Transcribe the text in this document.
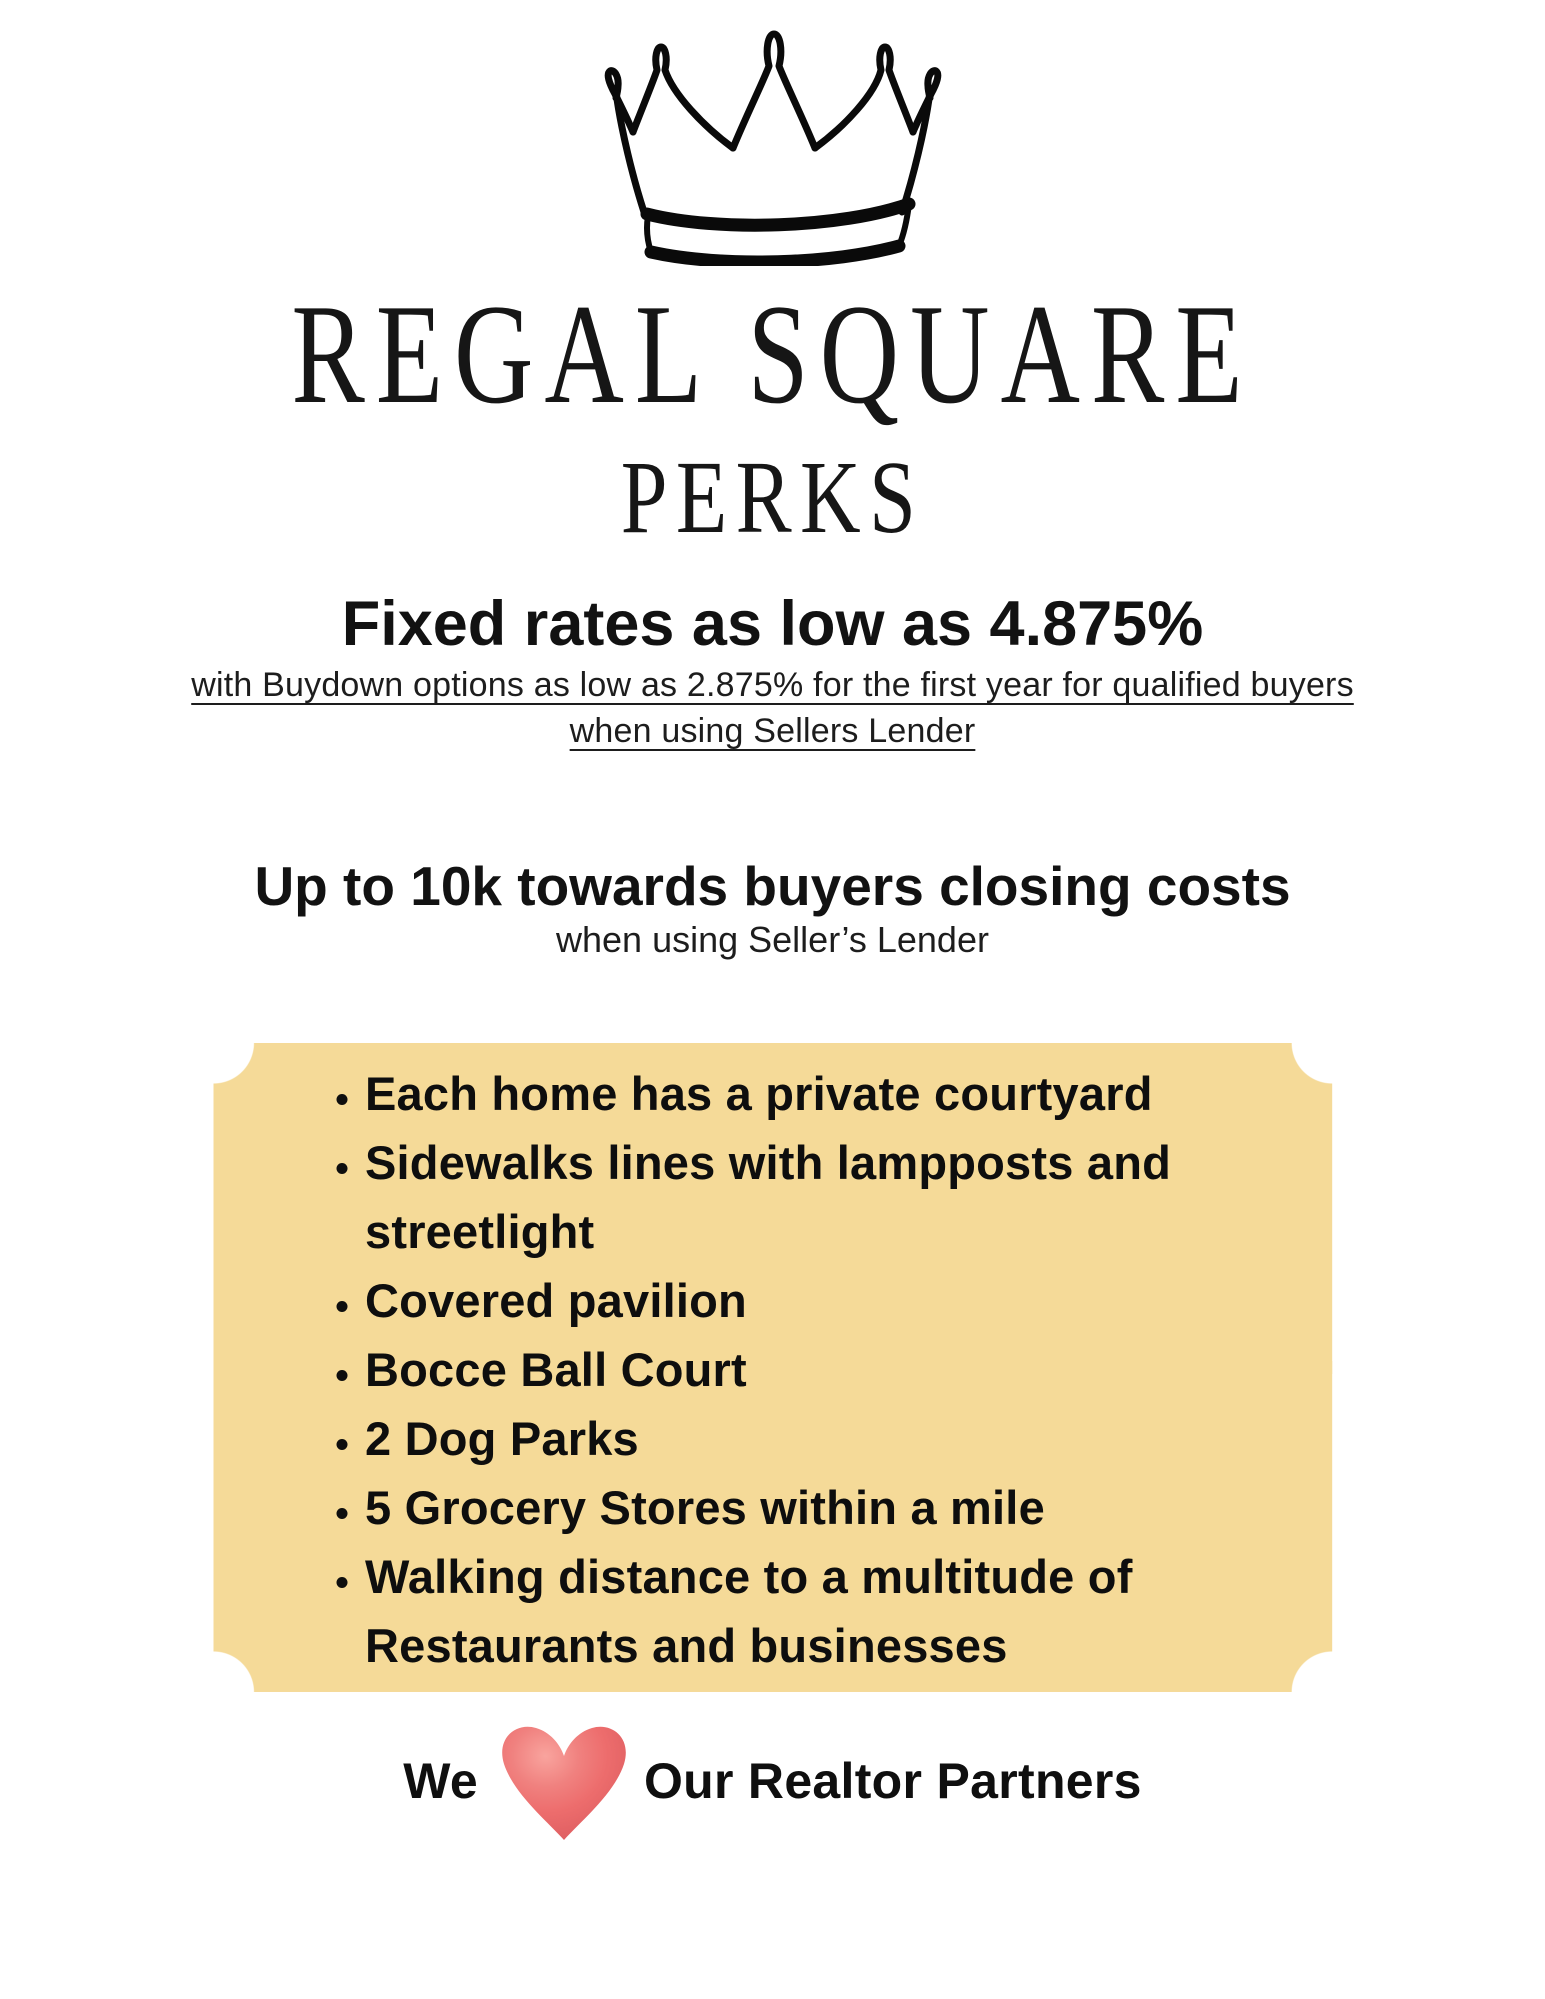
REGAL SQUARE
PERKS
Fixed rates as low as 4.875%
with Buydown options as low as 2.875% for the first year for qualified buyers
when using Sellers Lender
Up to 10k towards buyers closing costs
when using Seller’s Lender
• Each home has a private courtyard
• Sidewalks lines with lampposts and streetlight
• Covered pavilion
• Bocce Ball Court
• 2 Dog Parks
• 5 Grocery Stores within a mile
• Walking distance to a multitude of Restaurants and businesses
We	Our Realtor Partners
